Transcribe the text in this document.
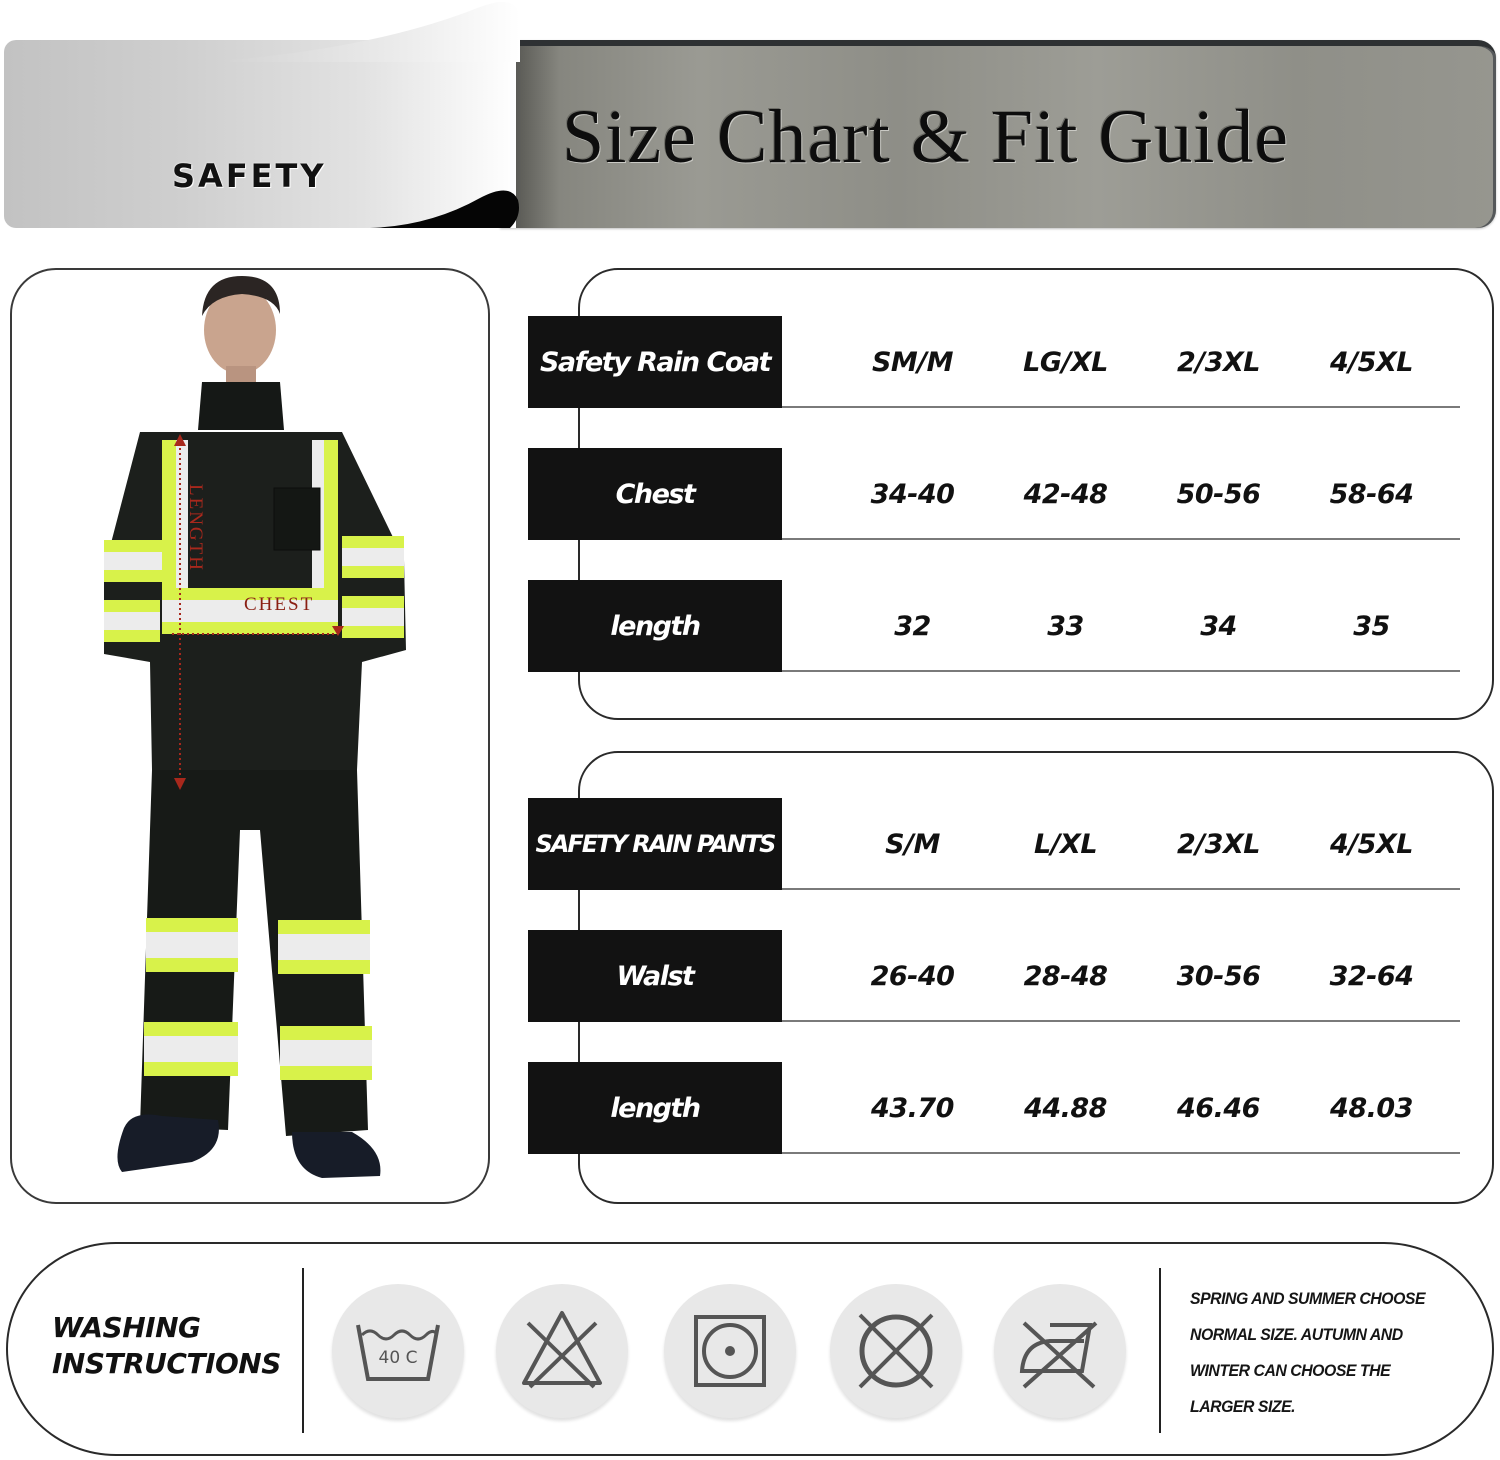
Size Chart & Fit Guide
SAFETY
LENGTH
CHEST
Safety Rain Coat	SM/M	LG/XL	2/3XL	4/5XL
Chest	34-40	42-48	50-56	58-64
length	32	33	34	35
SAFETY RAIN PANTS	S/M	L/XL	2/3XL	4/5XL
Walst	26-40	28-48	30-56	32-64
length	43.70	44.88	46.46	48.03
WASHING
INSTRUCTIONS	40 C
SPRING AND SUMMER CHOOSE
NORMAL SIZE. AUTUMN AND
WINTER CAN CHOOSE THE
LARGER SIZE.
